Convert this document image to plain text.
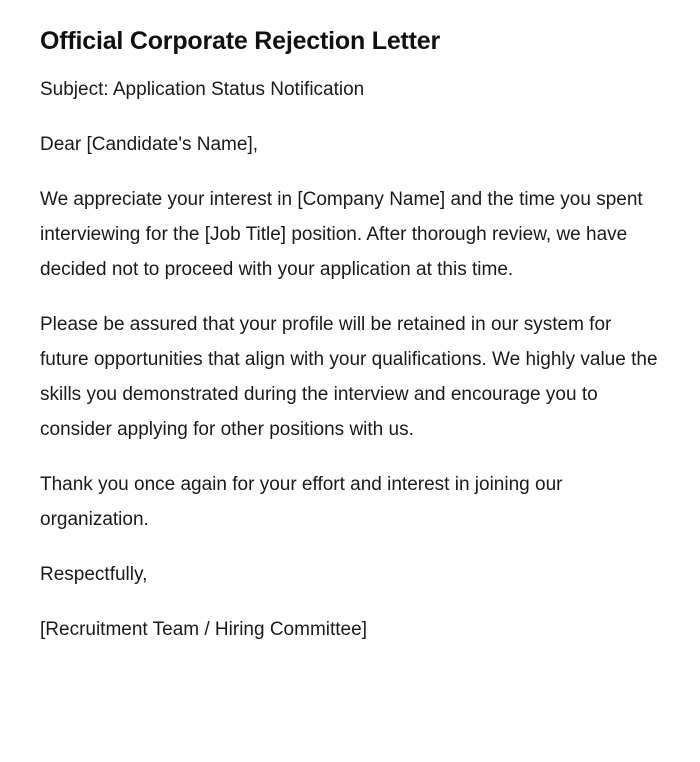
Official Corporate Rejection Letter

Subject: Application Status Notification

Dear [Candidate's Name],

We appreciate your interest in [Company Name] and the time you spent interviewing for the [Job Title] position. After thorough review, we have decided not to proceed with your application at this time.

Please be assured that your profile will be retained in our system for future opportunities that align with your qualifications. We highly value the skills you demonstrated during the interview and encourage you to consider applying for other positions with us.

Thank you once again for your effort and interest in joining our organization.

Respectfully,

[Recruitment Team / Hiring Committee]
